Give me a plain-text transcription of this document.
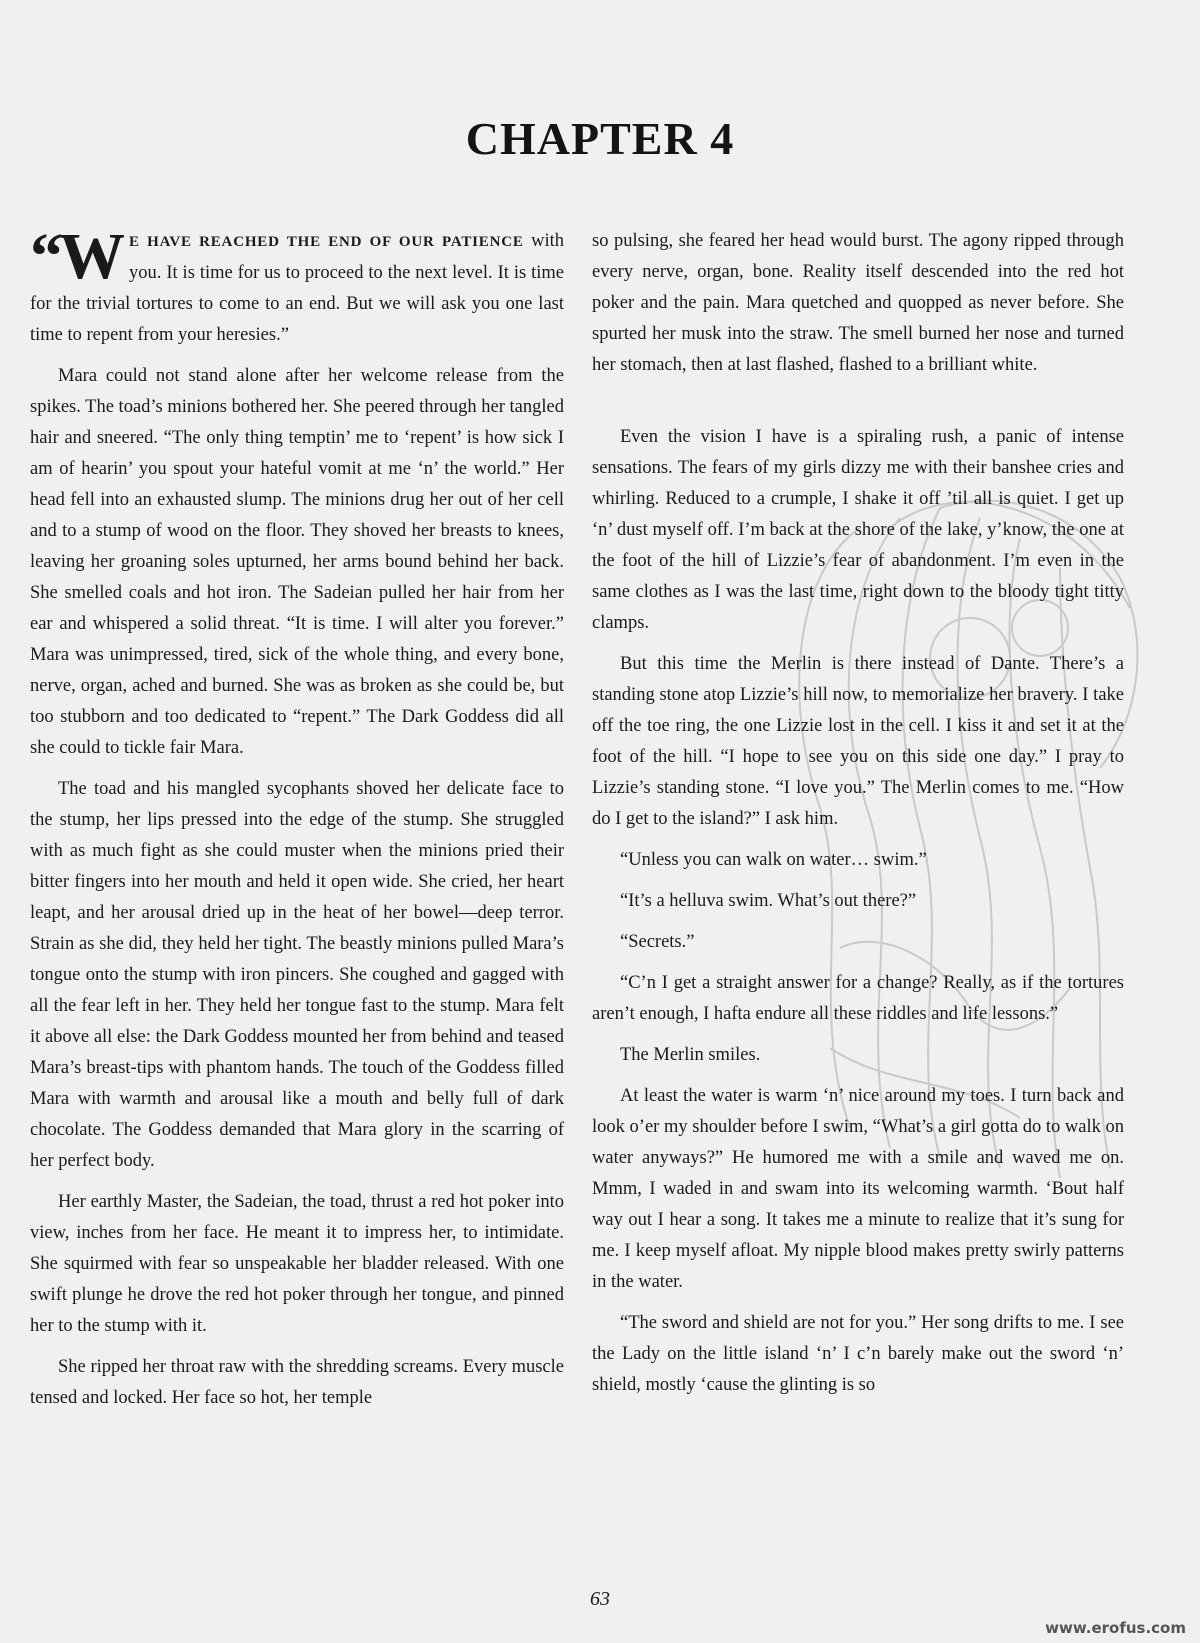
CHAPTER 4

“W E HAVE REACHED THE END OF OUR PATIENCE with you. It is time for us to proceed to the next level. It is time for the trivial tortures to come to an end. But we will ask you one last time to repent from your heresies.”

Mara could not stand alone after her welcome release from the spikes. The toad’s minions bothered her. She peered through her tangled hair and sneered. “The only thing temptin’ me to ‘repent’ is how sick I am of hearin’ you spout your hateful vomit at me ‘n’ the world.” Her head fell into an exhausted slump. The minions drug her out of her cell and to a stump of wood on the floor. They shoved her breasts to knees, leaving her groaning soles upturned, her arms bound behind her back. She smelled coals and hot iron. The Sadeian pulled her hair from her ear and whispered a solid threat. “It is time. I will alter you forever.” Mara was unimpressed, tired, sick of the whole thing, and every bone, nerve, organ, ached and burned. She was as broken as she could be, but too stubborn and too dedicated to “repent.” The Dark Goddess did all she could to tickle fair Mara.

The toad and his mangled sycophants shoved her delicate face to the stump, her lips pressed into the edge of the stump. She struggled with as much fight as she could muster when the minions pried their bitter fingers into her mouth and held it open wide. She cried, her heart leapt, and her arousal dried up in the heat of her bowel—deep terror. Strain as she did, they held her tight. The beastly minions pulled Mara’s tongue onto the stump with iron pincers. She coughed and gagged with all the fear left in her. They held her tongue fast to the stump. Mara felt it above all else: the Dark Goddess mounted her from behind and teased Mara’s breast-tips with phantom hands. The touch of the Goddess filled Mara with warmth and arousal like a mouth and belly full of dark chocolate. The Goddess demanded that Mara glory in the scarring of her perfect body.

Her earthly Master, the Sadeian, the toad, thrust a red hot poker into view, inches from her face. He meant it to impress her, to intimidate. She squirmed with fear so unspeakable her bladder released. With one swift plunge he drove the red hot poker through her tongue, and pinned her to the stump with it.

She ripped her throat raw with the shredding screams. Every muscle tensed and locked. Her face so hot, her temple

so pulsing, she feared her head would burst. The agony ripped through every nerve, organ, bone. Reality itself descended into the red hot poker and the pain. Mara quetched and quopped as never before. She spurted her musk into the straw. The smell burned her nose and turned her stomach, then at last flashed, flashed to a brilliant white.

Even the vision I have is a spiraling rush, a panic of intense sensations. The fears of my girls dizzy me with their banshee cries and whirling. Reduced to a crumple, I shake it off ’til all is quiet. I get up ‘n’ dust myself off. I’m back at the shore of the lake, y’know, the one at the foot of the hill of Lizzie’s fear of abandonment. I’m even in the same clothes as I was the last time, right down to the bloody tight titty clamps.

But this time the Merlin is there instead of Dante. There’s a standing stone atop Lizzie’s hill now, to memorialize her bravery. I take off the toe ring, the one Lizzie lost in the cell. I kiss it and set it at the foot of the hill. “I hope to see you on this side one day.” I pray to Lizzie’s standing stone. “I love you.” The Merlin comes to me. “How do I get to the island?” I ask him.

“Unless you can walk on water… swim.”

“It’s a helluva swim. What’s out there?”

“Secrets.”

“C’n I get a straight answer for a change? Really, as if the tortures aren’t enough, I hafta endure all these riddles and life lessons.”

The Merlin smiles.

At least the water is warm ‘n’ nice around my toes. I turn back and look o’er my shoulder before I swim, “What’s a girl gotta do to walk on water anyways?” He humored me with a smile and waved me on. Mmm, I waded in and swam into its welcoming warmth. ‘Bout half way out I hear a song. It takes me a minute to realize that it’s sung for me. I keep myself afloat. My nipple blood makes pretty swirly patterns in the water.

“The sword and shield are not for you.” Her song drifts to me. I see the Lady on the little island ‘n’ I c’n barely make out the sword ‘n’ shield, mostly ‘cause the glinting is so

63
www.erofus.com
